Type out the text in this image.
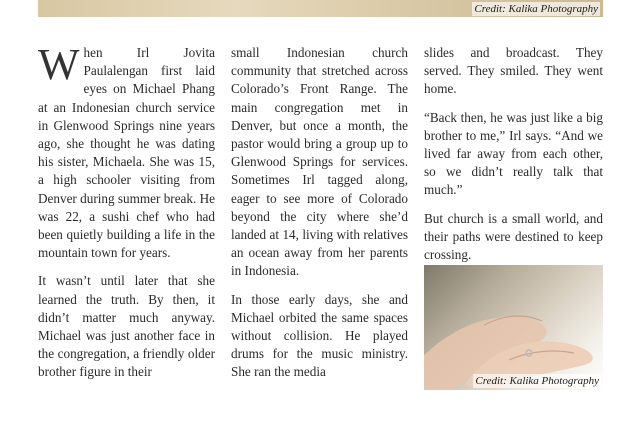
Credit: Kalika Photography

When Irl Jovita Paulalengan first laid eyes on Michael Phang at an Indonesian church service in Glenwood Springs nine years ago, she thought he was dating his sister, Michaela. She was 15, a high schooler visiting from Denver during summer break. He was 22, a sushi chef who had been quietly building a life in the mountain town for years.

It wasn’t until later that she learned the truth. By then, it didn’t matter much anyway. Michael was just another face in the congregation, a friendly older brother figure in their

small Indonesian church community that stretched across Colorado’s Front Range. The main congregation met in Denver, but once a month, the pastor would bring a group up to Glenwood Springs for services. Sometimes Irl tagged along, eager to see more of Colorado beyond the city where she’d landed at 14, living with relatives an ocean away from her parents in Indonesia.

In those early days, she and Michael orbited the same spaces without collision. He played drums for the music ministry. She ran the media

slides and broadcast. They served. They smiled. They went home.

“Back then, he was just like a big brother to me,” Irl says. “And we lived far away from each other, so we didn’t really talk that much.”

But church is a small world, and their paths were destined to keep crossing.

Credit: Kalika Photography
